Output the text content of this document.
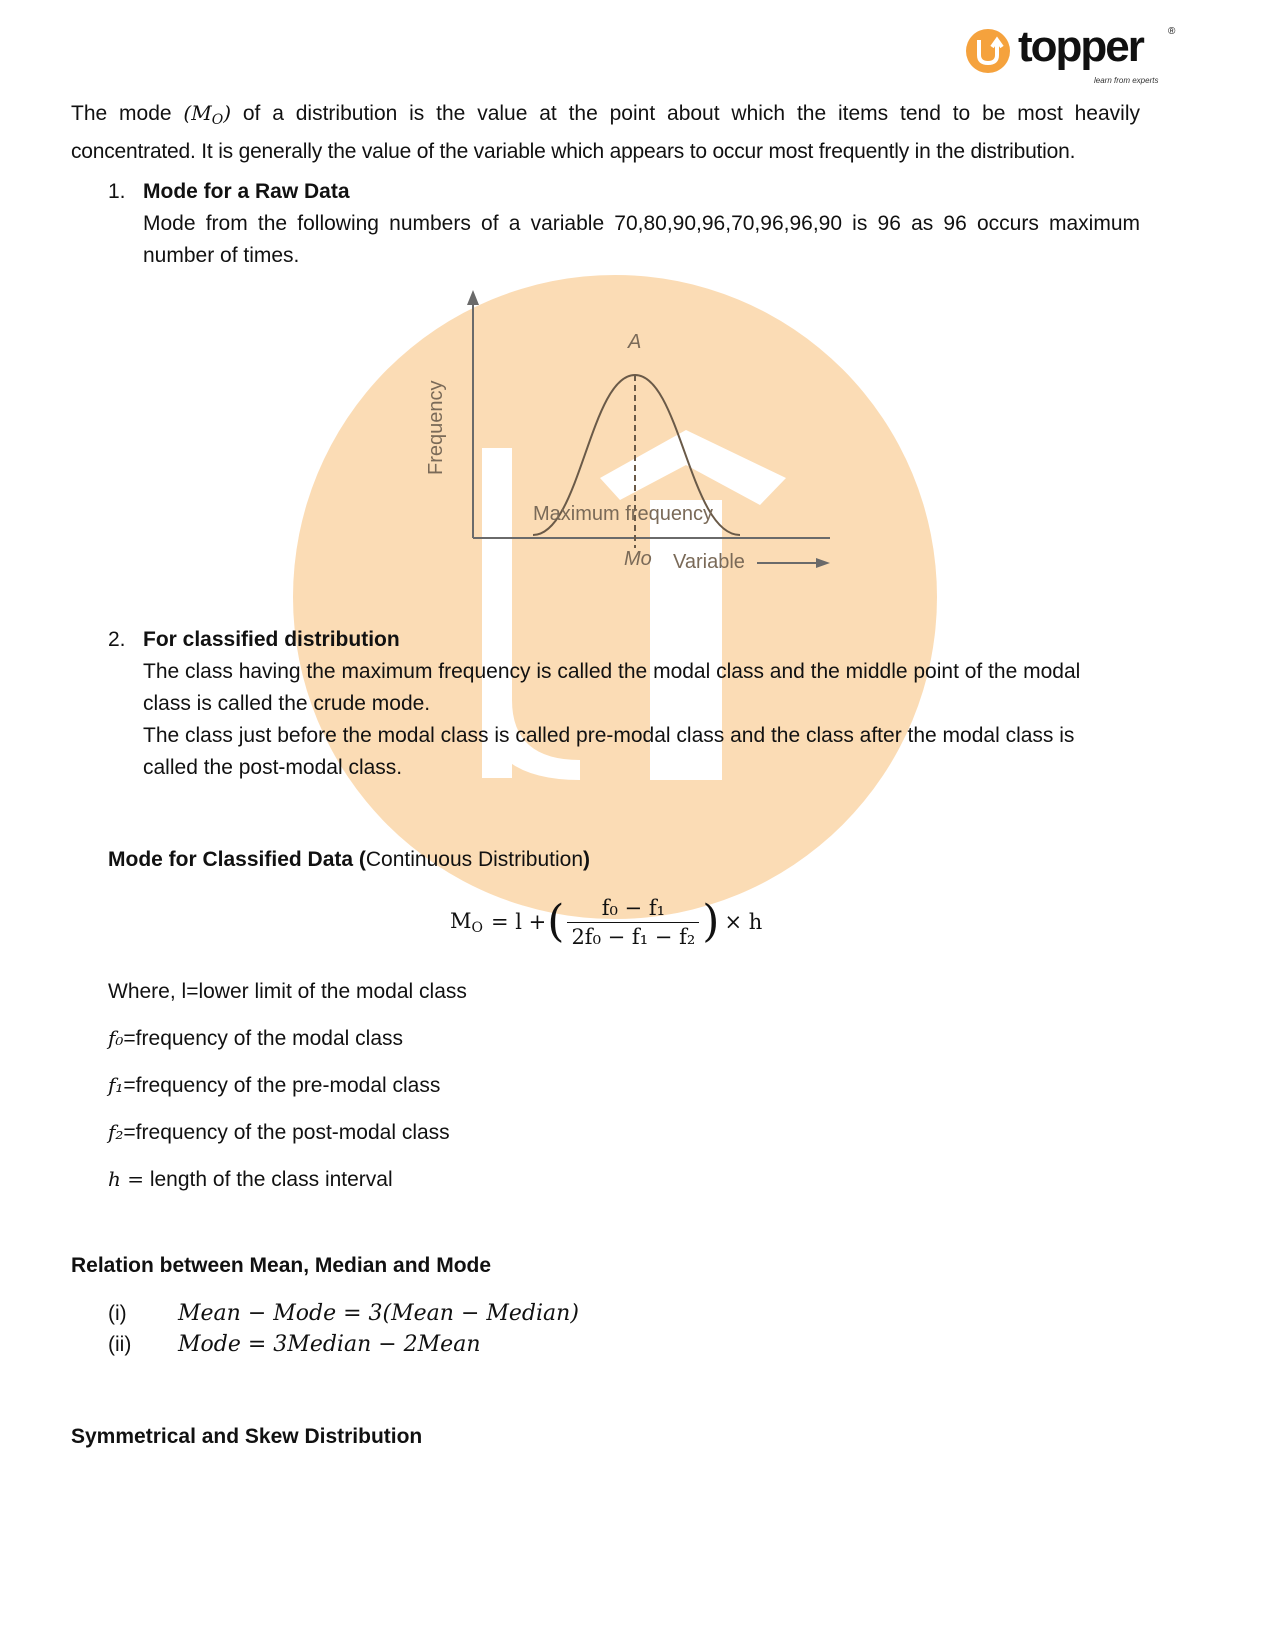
topper
learn from experts
®

The mode $(M_O)$ of a distribution is the value at the point about which the items tend to be most heavily

concentrated. It is generally the value of the variable which appears to occur most frequently in the distribution.

1. Mode for a Raw Data

Mode from the following numbers of a variable 70,80,90,96,70,96,96,90 is 96 as 96 occurs maximum

number of times.

Frequency
A
Maximum frequency
Mo Variable
2. For classified distribution

The class having the maximum frequency is called the modal class and the middle point of the modal

class is called the crude mode.

The class just before the modal class is called pre-modal class and the class after the modal class is

called the post-modal class.

Mode for Classified Data (Continuous Distribution)
$M_O = l$ + ( $\frac{\text{f₀ − f₁}}{\text{2f₀ − f₁ − f₂}}$ ) × h

Where, l=lower limit of the modal class

f₀=frequency of the modal class

f₁=frequency of the pre-modal class

f₂=frequency of the post-modal class

h = length of the class interval

Relation between Mean, Median and Mode

(i) Mean − Mode = 3(Mean − Median)

(ii) Mode = 3Median − 2Mean

Symmetrical and Skew Distribution
